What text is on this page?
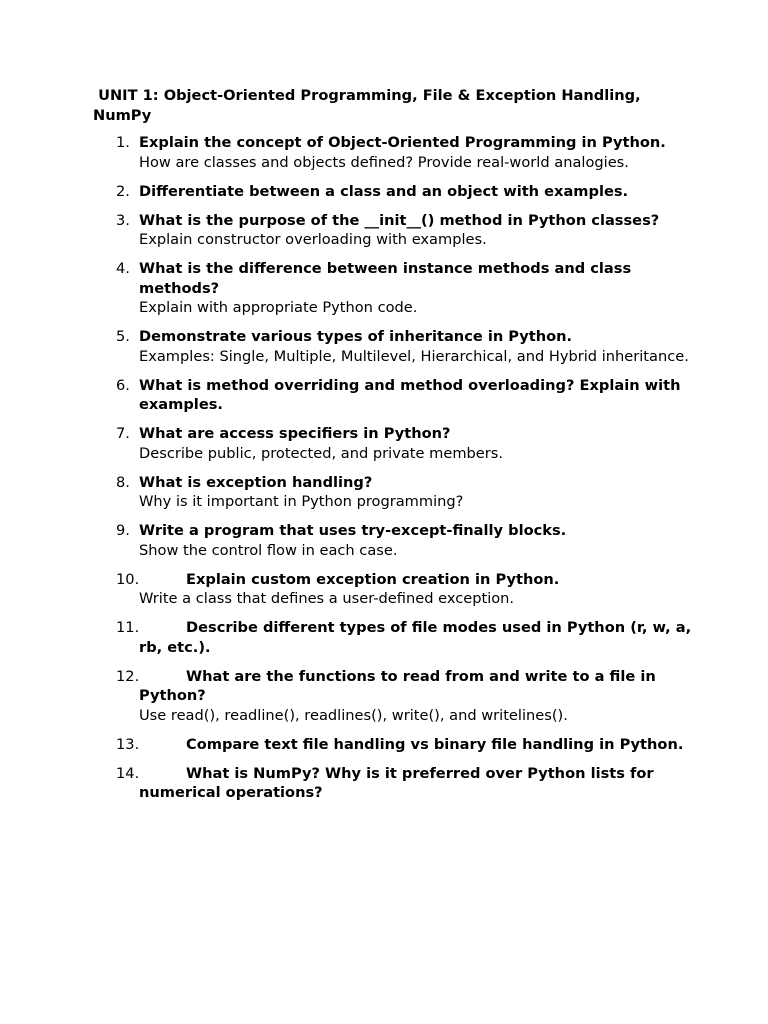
UNIT 1: Object-Oriented Programming, File & Exception Handling, NumPy
1. Explain the concept of Object-Oriented Programming in Python.
How are classes and objects defined? Provide real-world analogies.
2. Differentiate between a class and an object with examples.
3. What is the purpose of the __init__() method in Python classes?
Explain constructor overloading with examples.
4. What is the difference between instance methods and class methods?
Explain with appropriate Python code.
5. Demonstrate various types of inheritance in Python.
Examples: Single, Multiple, Multilevel, Hierarchical, and Hybrid inheritance.
6. What is method overriding and method overloading? Explain with examples.
7. What are access specifiers in Python?
Describe public, protected, and private members.
8. What is exception handling?
Why is it important in Python programming?
9. Write a program that uses try-except-finally blocks.
Show the control flow in each case.
10.	Explain custom exception creation in Python.
Write a class that defines a user-defined exception.
11.	Describe different types of file modes used in Python (r, w, a, rb, etc.).
12.	What are the functions to read from and write to a file in Python?
Use read(), readline(), readlines(), write(), and writelines().
13.	Compare text file handling vs binary file handling in Python.
14.	What is NumPy? Why is it preferred over Python lists for numerical operations?
